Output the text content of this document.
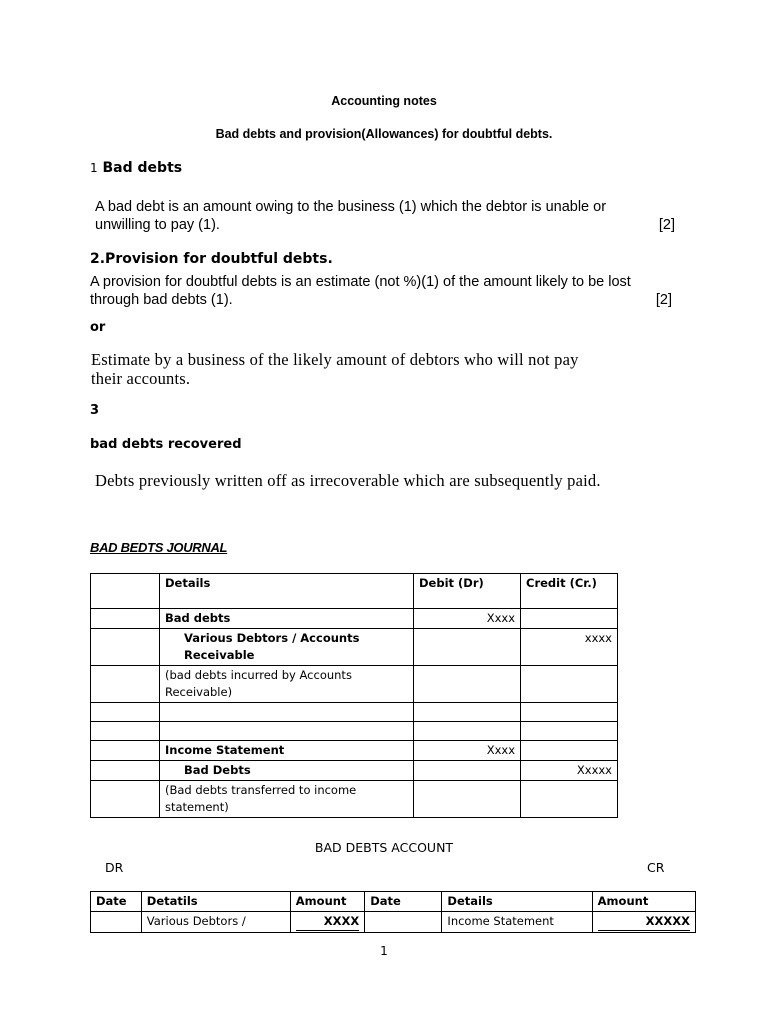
Accounting notes
Bad debts and provision(Allowances) for doubtful debts.
1 Bad debts
A bad debt is an amount owing to the business (1) which the debtor is unable or
unwilling to pay (1).	[2]
2.Provision for doubtful debts.
A provision for doubtful debts is an estimate (not %)(1) of the amount likely to be lost
through bad debts (1).	[2]
or
Estimate by a business of the likely amount of debtors who will not pay
their accounts.
3
bad debts recovered
Debts previously written off as irrecoverable which are subsequently paid.
BAD BEDTS JOURNAL
	Details	Debit (Dr)	Credit (Cr.)
	Bad debts	Xxxx	
	Various Debtors / Accounts Receivable		xxxx
	(bad debts incurred by Accounts Receivable)		

	Income Statement	Xxxx	
	Bad Debts		Xxxxx
	(Bad debts transferred to income statement)		
BAD DEBTS ACCOUNT
DR	CR
Date	Detatils	Amount	Date	Details	Amount
	Various Debtors /	XXXX		Income Statement	XXXXX
1
